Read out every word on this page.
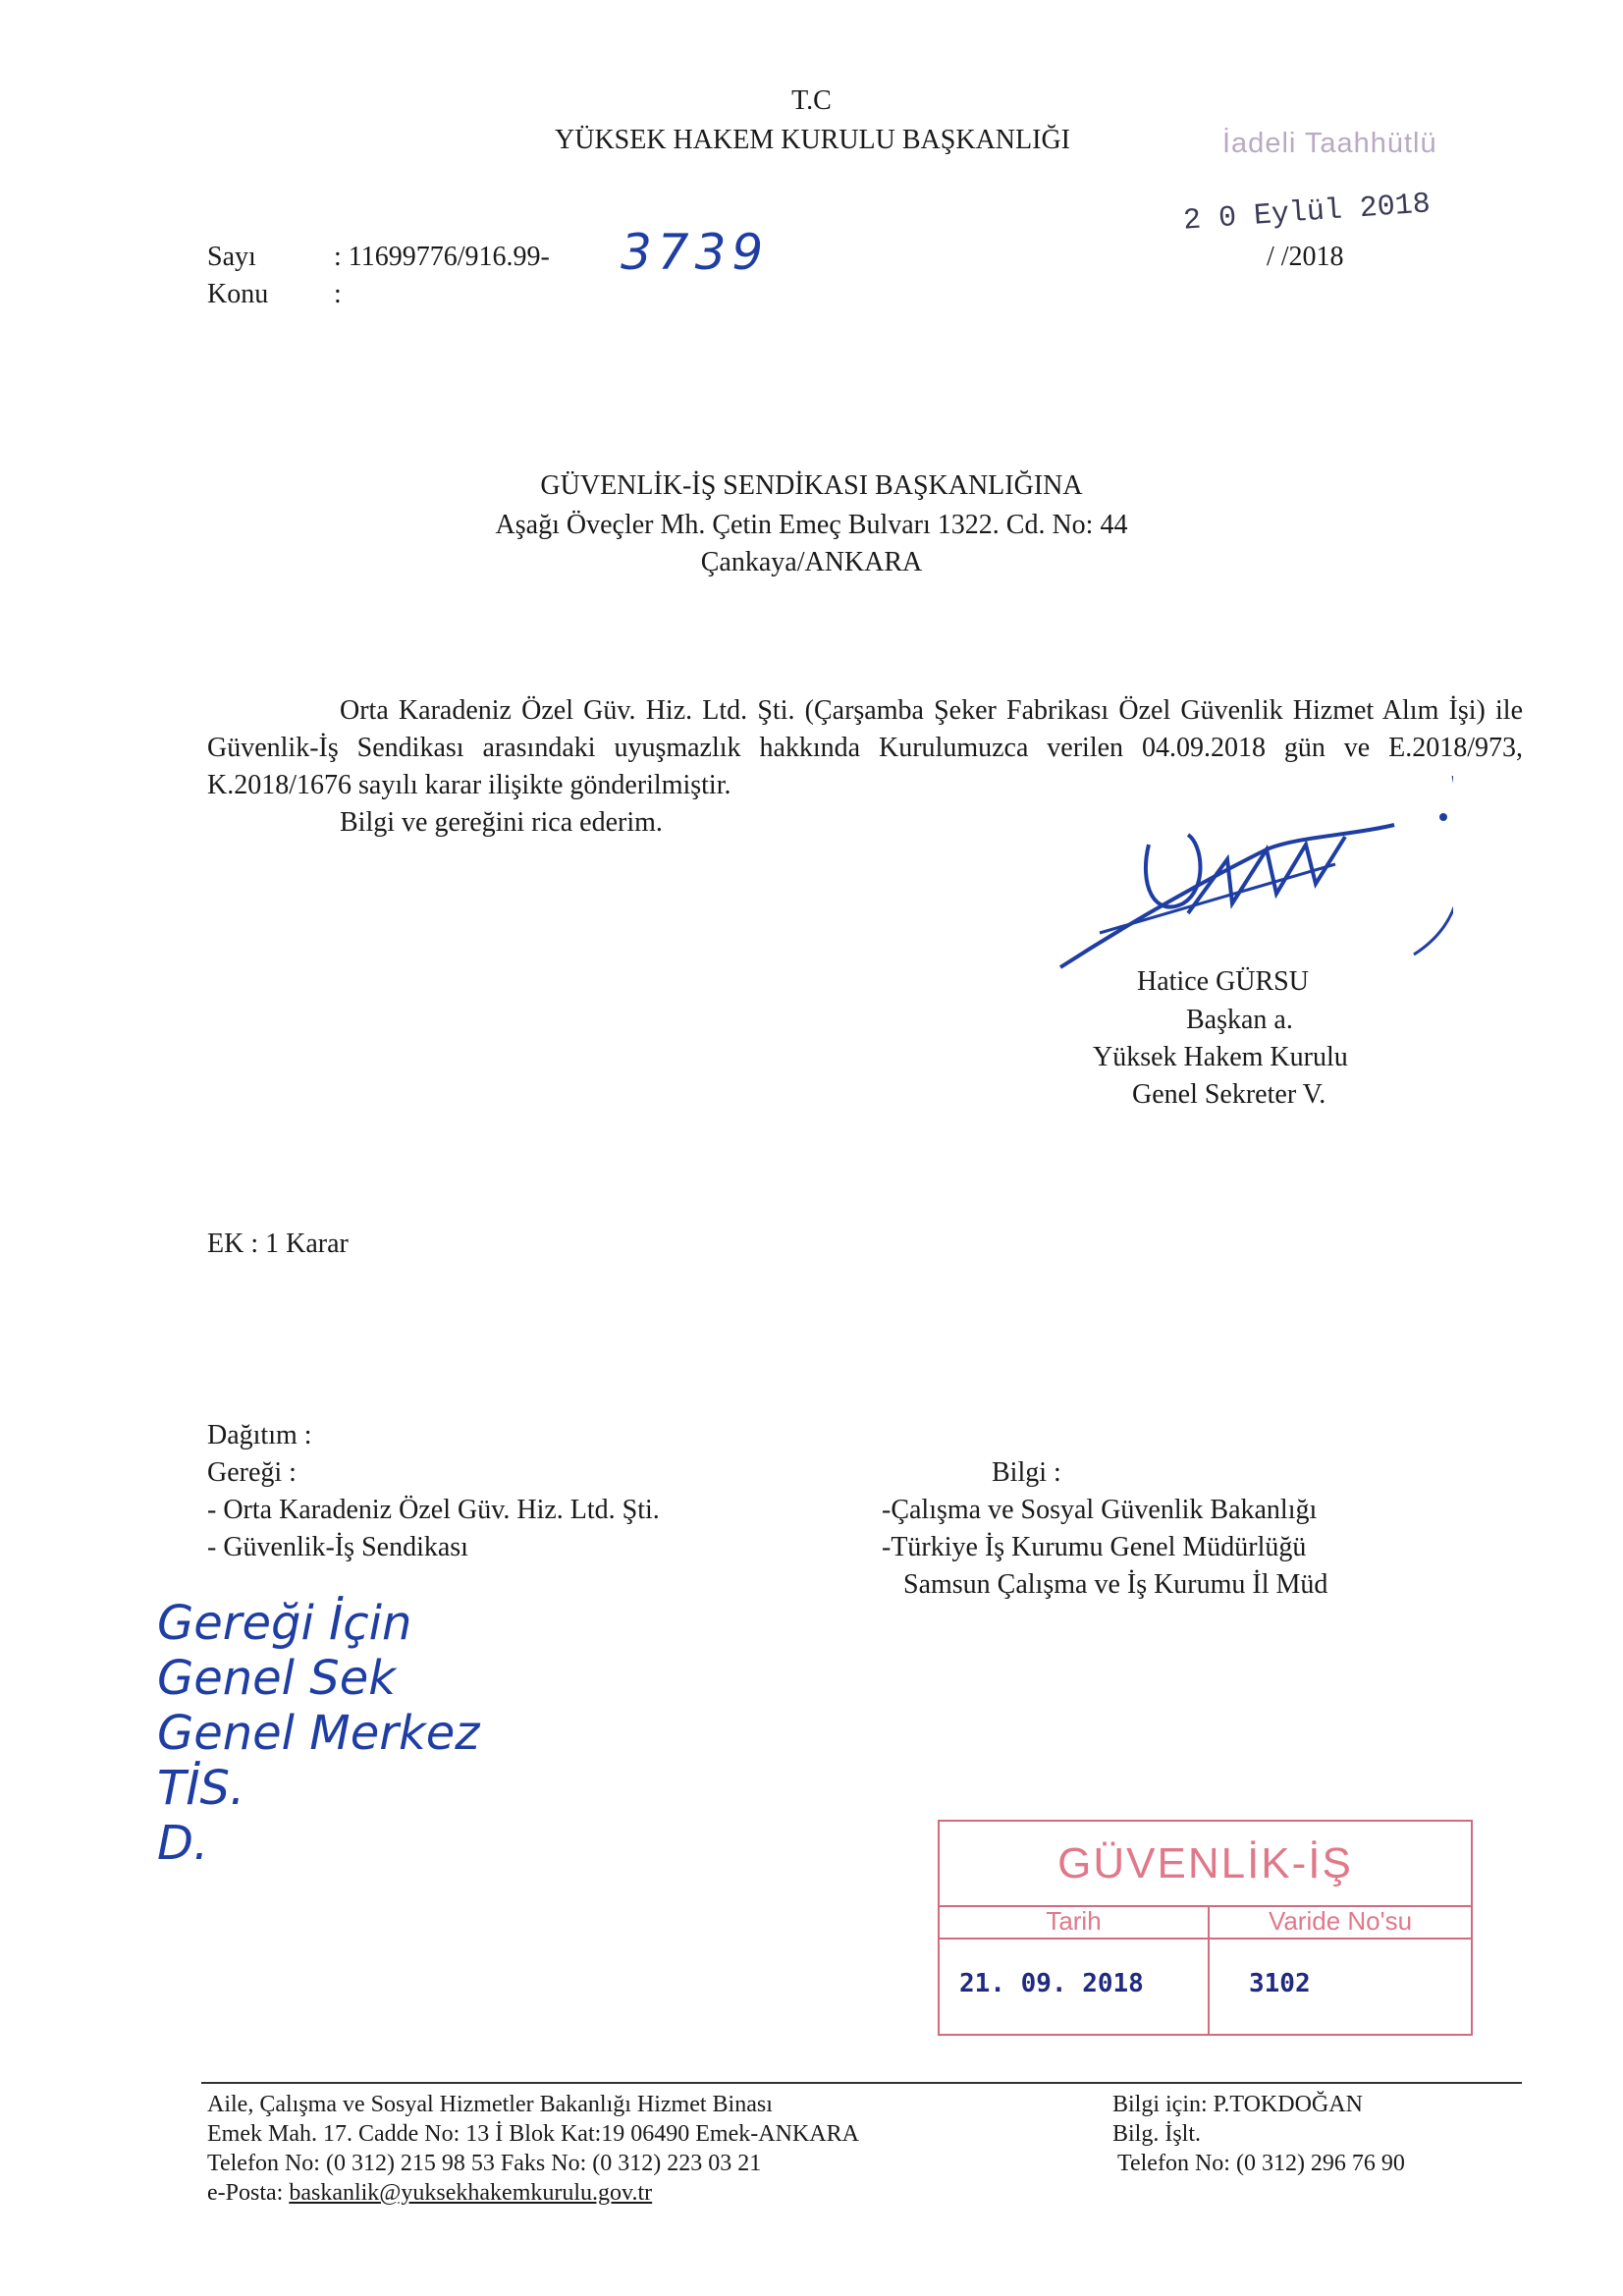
T.C
YÜKSEK HAKEM KURULU BAŞKANLIĞI	İadeli Taahhütlü
2 0 Eylül 2018
/ /2018
Sayı	: 11699776/916.99- 3739
Konu :
GÜVENLİK-İŞ SENDİKASI BAŞKANLIĞINA
Aşağı Öveçler Mh. Çetin Emeç Bulvarı 1322. Cd. No: 44
Çankaya/ANKARA

Orta Karadeniz Özel Güv. Hiz. Ltd. Şti. (Çarşamba Şeker Fabrikası Özel Güvenlik Hizmet Alım İşi) ile Güvenlik-İş Sendikası arasındaki uyuşmazlık hakkında Kurulumuzca verilen 04.09.2018 gün ve E.2018/973, K.2018/1676 sayılı karar ilişikte gönderilmiştir.

Bilgi ve gereğini rica ederim.

Hatice GÜRSU
Başkan a.
Yüksek Hakem Kurulu
Genel Sekreter V.
EK : 1 Karar
Dağıtım :
Gereği :
- Orta Karadeniz Özel Güv. Hiz. Ltd. Şti.
- Güvenlik-İş Sendikası
Bilgi :
-Çalışma ve Sosyal Güvenlik Bakanlığı
-Türkiye İş Kurumu Genel Müdürlüğü
Samsun Çalışma ve İş Kurumu İl Müd
Gereği İçin
Genel Sek
Genel Merkez
TİS.
D.	GÜVENLİK-İŞ
Tarih	Varide No'su
21. 09. 2018	3102
Aile, Çalışma ve Sosyal Hizmetler Bakanlığı Hizmet Binası
Emek Mah. 17. Cadde No: 13 İ Blok Kat:19 06490 Emek-ANKARA
Telefon No: (0 312) 215 98 53 Faks No: (0 312) 223 03 21
e-Posta: baskanlik@yuksekhakemkurulu.gov.tr
Bilgi için: P.TOKDOĞAN
Bilg. İşlt.
Telefon No: (0 312) 296 76 90
